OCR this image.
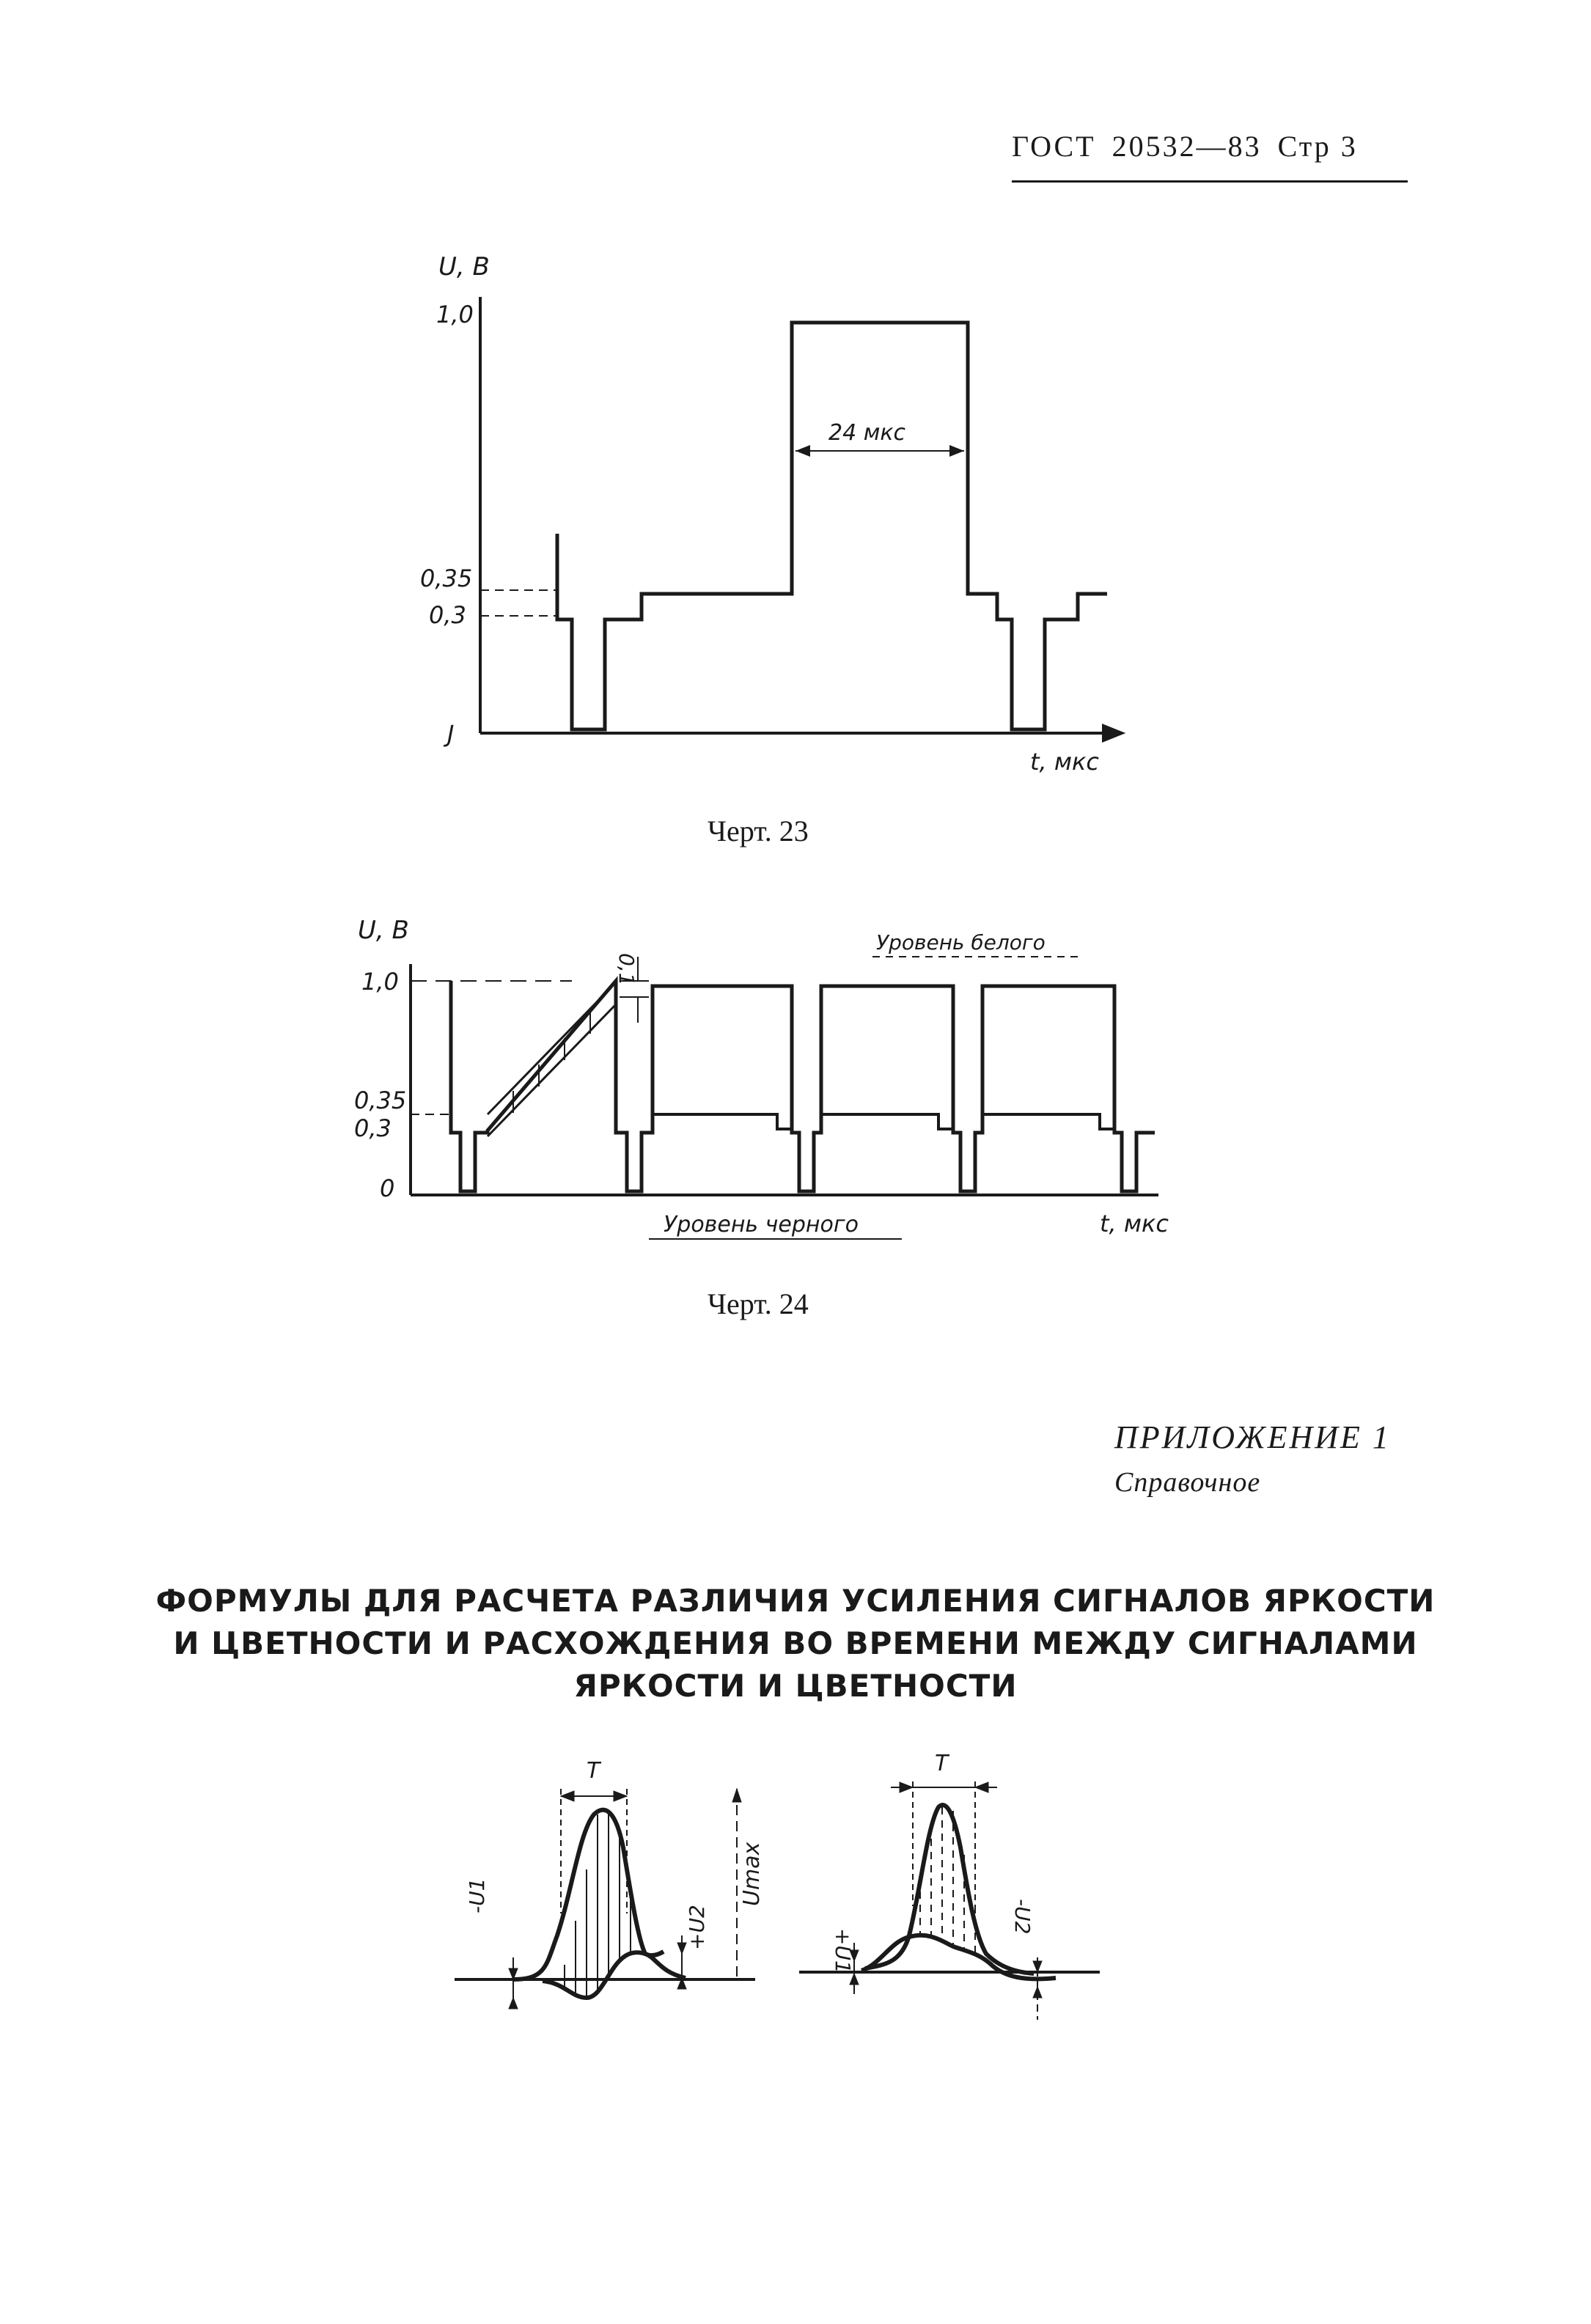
ГОСТ 20532—83 Стр 3
U, B
1,0
0,35
0,3
J
24 мкс
t, мкс
Черт. 23
U, B
1,0
0,35
0,3
0
0,1
Уровень белого
Уровень черного	t, мкс
Черт. 24
ПРИЛОЖЕНИЕ 1
Справочное
ФОРМУЛЫ ДЛЯ РАСЧЕТА РАЗЛИЧИЯ УСИЛЕНИЯ СИГНАЛОВ ЯРКОСТИ
И ЦВЕТНОСТИ И РАСХОЖДЕНИЯ ВО ВРЕМЕНИ МЕЖДУ СИГНАЛАМИ
ЯРКОСТИ И ЦВЕТНОСТИ
T
-U1
+U2
Umax
T
+U1
-U2
